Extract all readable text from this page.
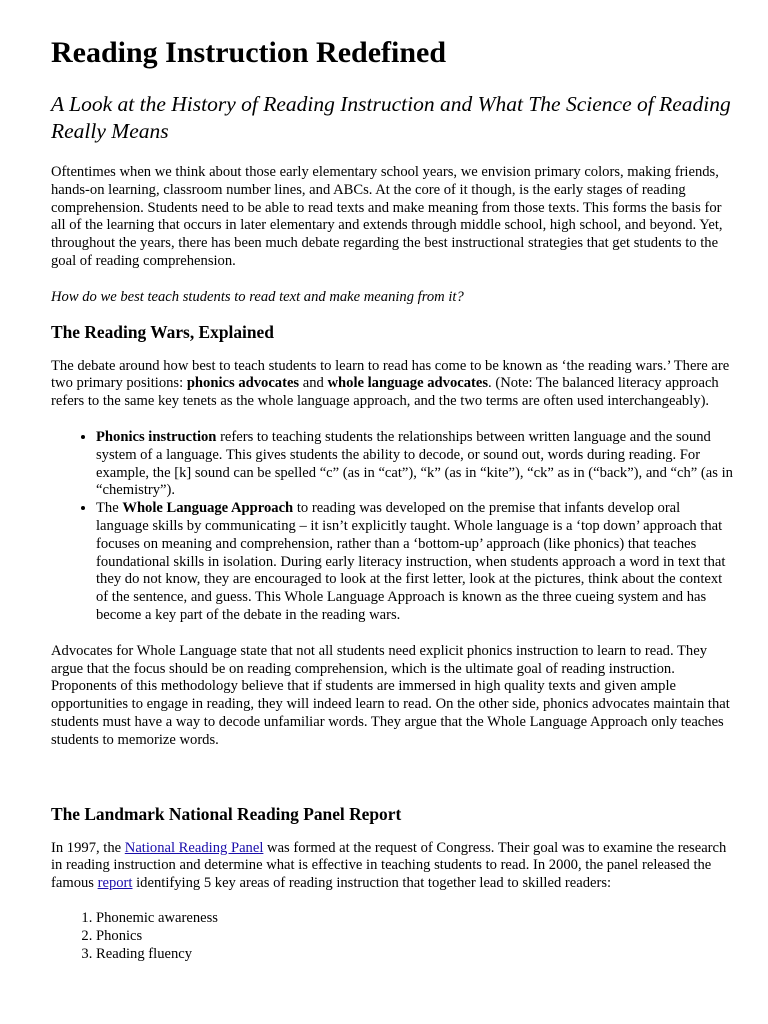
Reading Instruction Redefined
A Look at the History of Reading Instruction and What The Science of Reading Really Means

Oftentimes when we think about those early elementary school years, we envision primary colors, making friends, hands-on learning, classroom number lines, and ABCs. At the core of it though, is the early stages of reading comprehension. Students need to be able to read texts and make meaning from those texts. This forms the basis for all of the learning that occurs in later elementary and extends through middle school, high school, and beyond. Yet, throughout the years, there has been much debate regarding the best instructional strategies that get students to the goal of reading comprehension.

How do we best teach students to read text and make meaning from it?

The Reading Wars, Explained

The debate around how best to teach students to learn to read has come to be known as ‘the reading wars.’ There are two primary positions: phonics advocates and whole language advocates. (Note: The balanced literacy approach refers to the same key tenets as the whole language approach, and the two terms are often used interchangeably).

• Phonics instruction refers to teaching students the relationships between written language and the sound system of a language. This gives students the ability to decode, or sound out, words during reading. For example, the [k] sound can be spelled “c” (as in “cat”), “k” (as in “kite”), “ck” as in (“back”), and “ch” (as in “chemistry”).
• The Whole Language Approach to reading was developed on the premise that infants develop oral language skills by communicating – it isn’t explicitly taught. Whole language is a ‘top down’ approach that focuses on meaning and comprehension, rather than a ‘bottom-up’ approach (like phonics) that teaches foundational skills in isolation. During early literacy instruction, when students approach a word in text that they do not know, they are encouraged to look at the first letter, look at the pictures, think about the context of the sentence, and guess. This Whole Language Approach is known as the three cueing system and has become a key part of the debate in the reading wars.

Advocates for Whole Language state that not all students need explicit phonics instruction to learn to read. They argue that the focus should be on reading comprehension, which is the ultimate goal of reading instruction. Proponents of this methodology believe that if students are immersed in high quality texts and given ample opportunities to engage in reading, they will indeed learn to read. On the other side, phonics advocates maintain that students must have a way to decode unfamiliar words. They argue that the Whole Language Approach only teaches students to memorize words.

The Landmark National Reading Panel Report

In 1997, the National Reading Panel was formed at the request of Congress. Their goal was to examine the research in reading instruction and determine what is effective in teaching students to read. In 2000, the panel released the famous report identifying 5 key areas of reading instruction that together lead to skilled readers:

1. Phonemic awareness
2. Phonics
3. Reading fluency
